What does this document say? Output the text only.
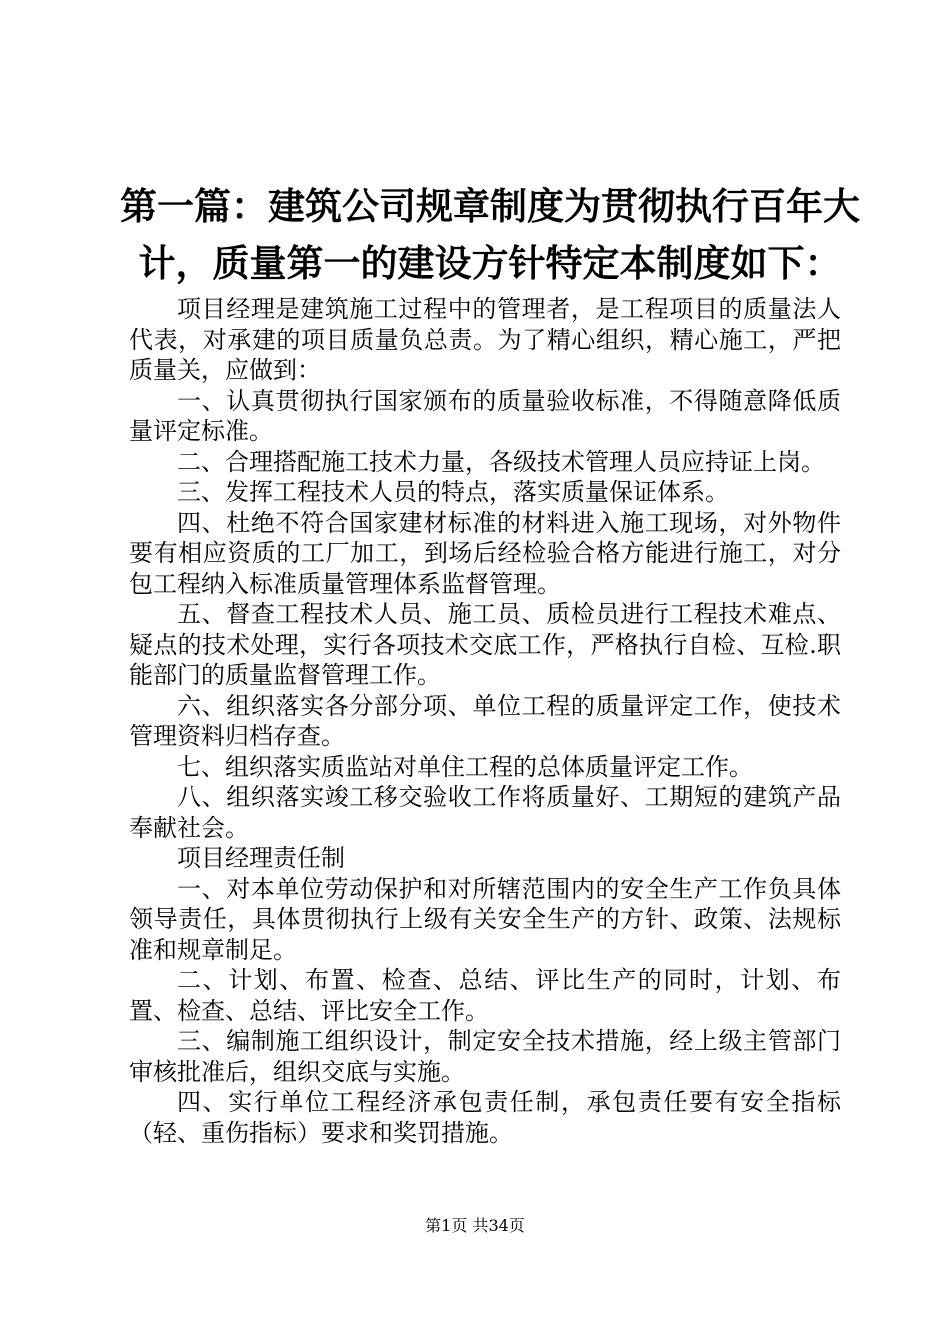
第一篇：建筑公司规章制度为贯彻执行百年大计，质量第一的建设方针特定本制度如下：

项目经理是建筑施工过程中的管理者，是工程项目的质量法人代表，对承建的项目质量负总责。为了精心组织，精心施工，严把质量关，应做到：

一、认真贯彻执行国家颁布的质量验收标准，不得随意降低质量评定标准。

二、合理搭配施工技术力量，各级技术管理人员应持证上岗。

三、发挥工程技术人员的特点，落实质量保证体系。

四、杜绝不符合国家建材标准的材料进入施工现场，对外物件要有相应资质的工厂加工，到场后经检验合格方能进行施工，对分包工程纳入标准质量管理体系监督管理。

五、督查工程技术人员、施工员、质检员进行工程技术难点、疑点的技术处理，实行各项技术交底工作，严格执行自检、互检.职能部门的质量监督管理工作。

六、组织落实各分部分项、单位工程的质量评定工作，使技术管理资料归档存查。

七、组织落实质监站对单住工程的总体质量评定工作。

八、组织落实竣工移交验收工作将质量好、工期短的建筑产品奉献社会。

项目经理责任制

一、对本单位劳动保护和对所辖范围内的安全生产工作负具体领导责任，具体贯彻执行上级有关安全生产的方针、政策、法规标准和规章制足。

二、计划、布置、检查、总结、评比生产的同时，计划、布置、检查、总结、评比安全工作。

三、编制施工组织设计，制定安全技术措施，经上级主管部门审核批准后，组织交底与实施。

四、实行单位工程经济承包责任制，承包责任要有安全指标（轻、重伤指标）要求和奖罚措施。

第1页 共34页
